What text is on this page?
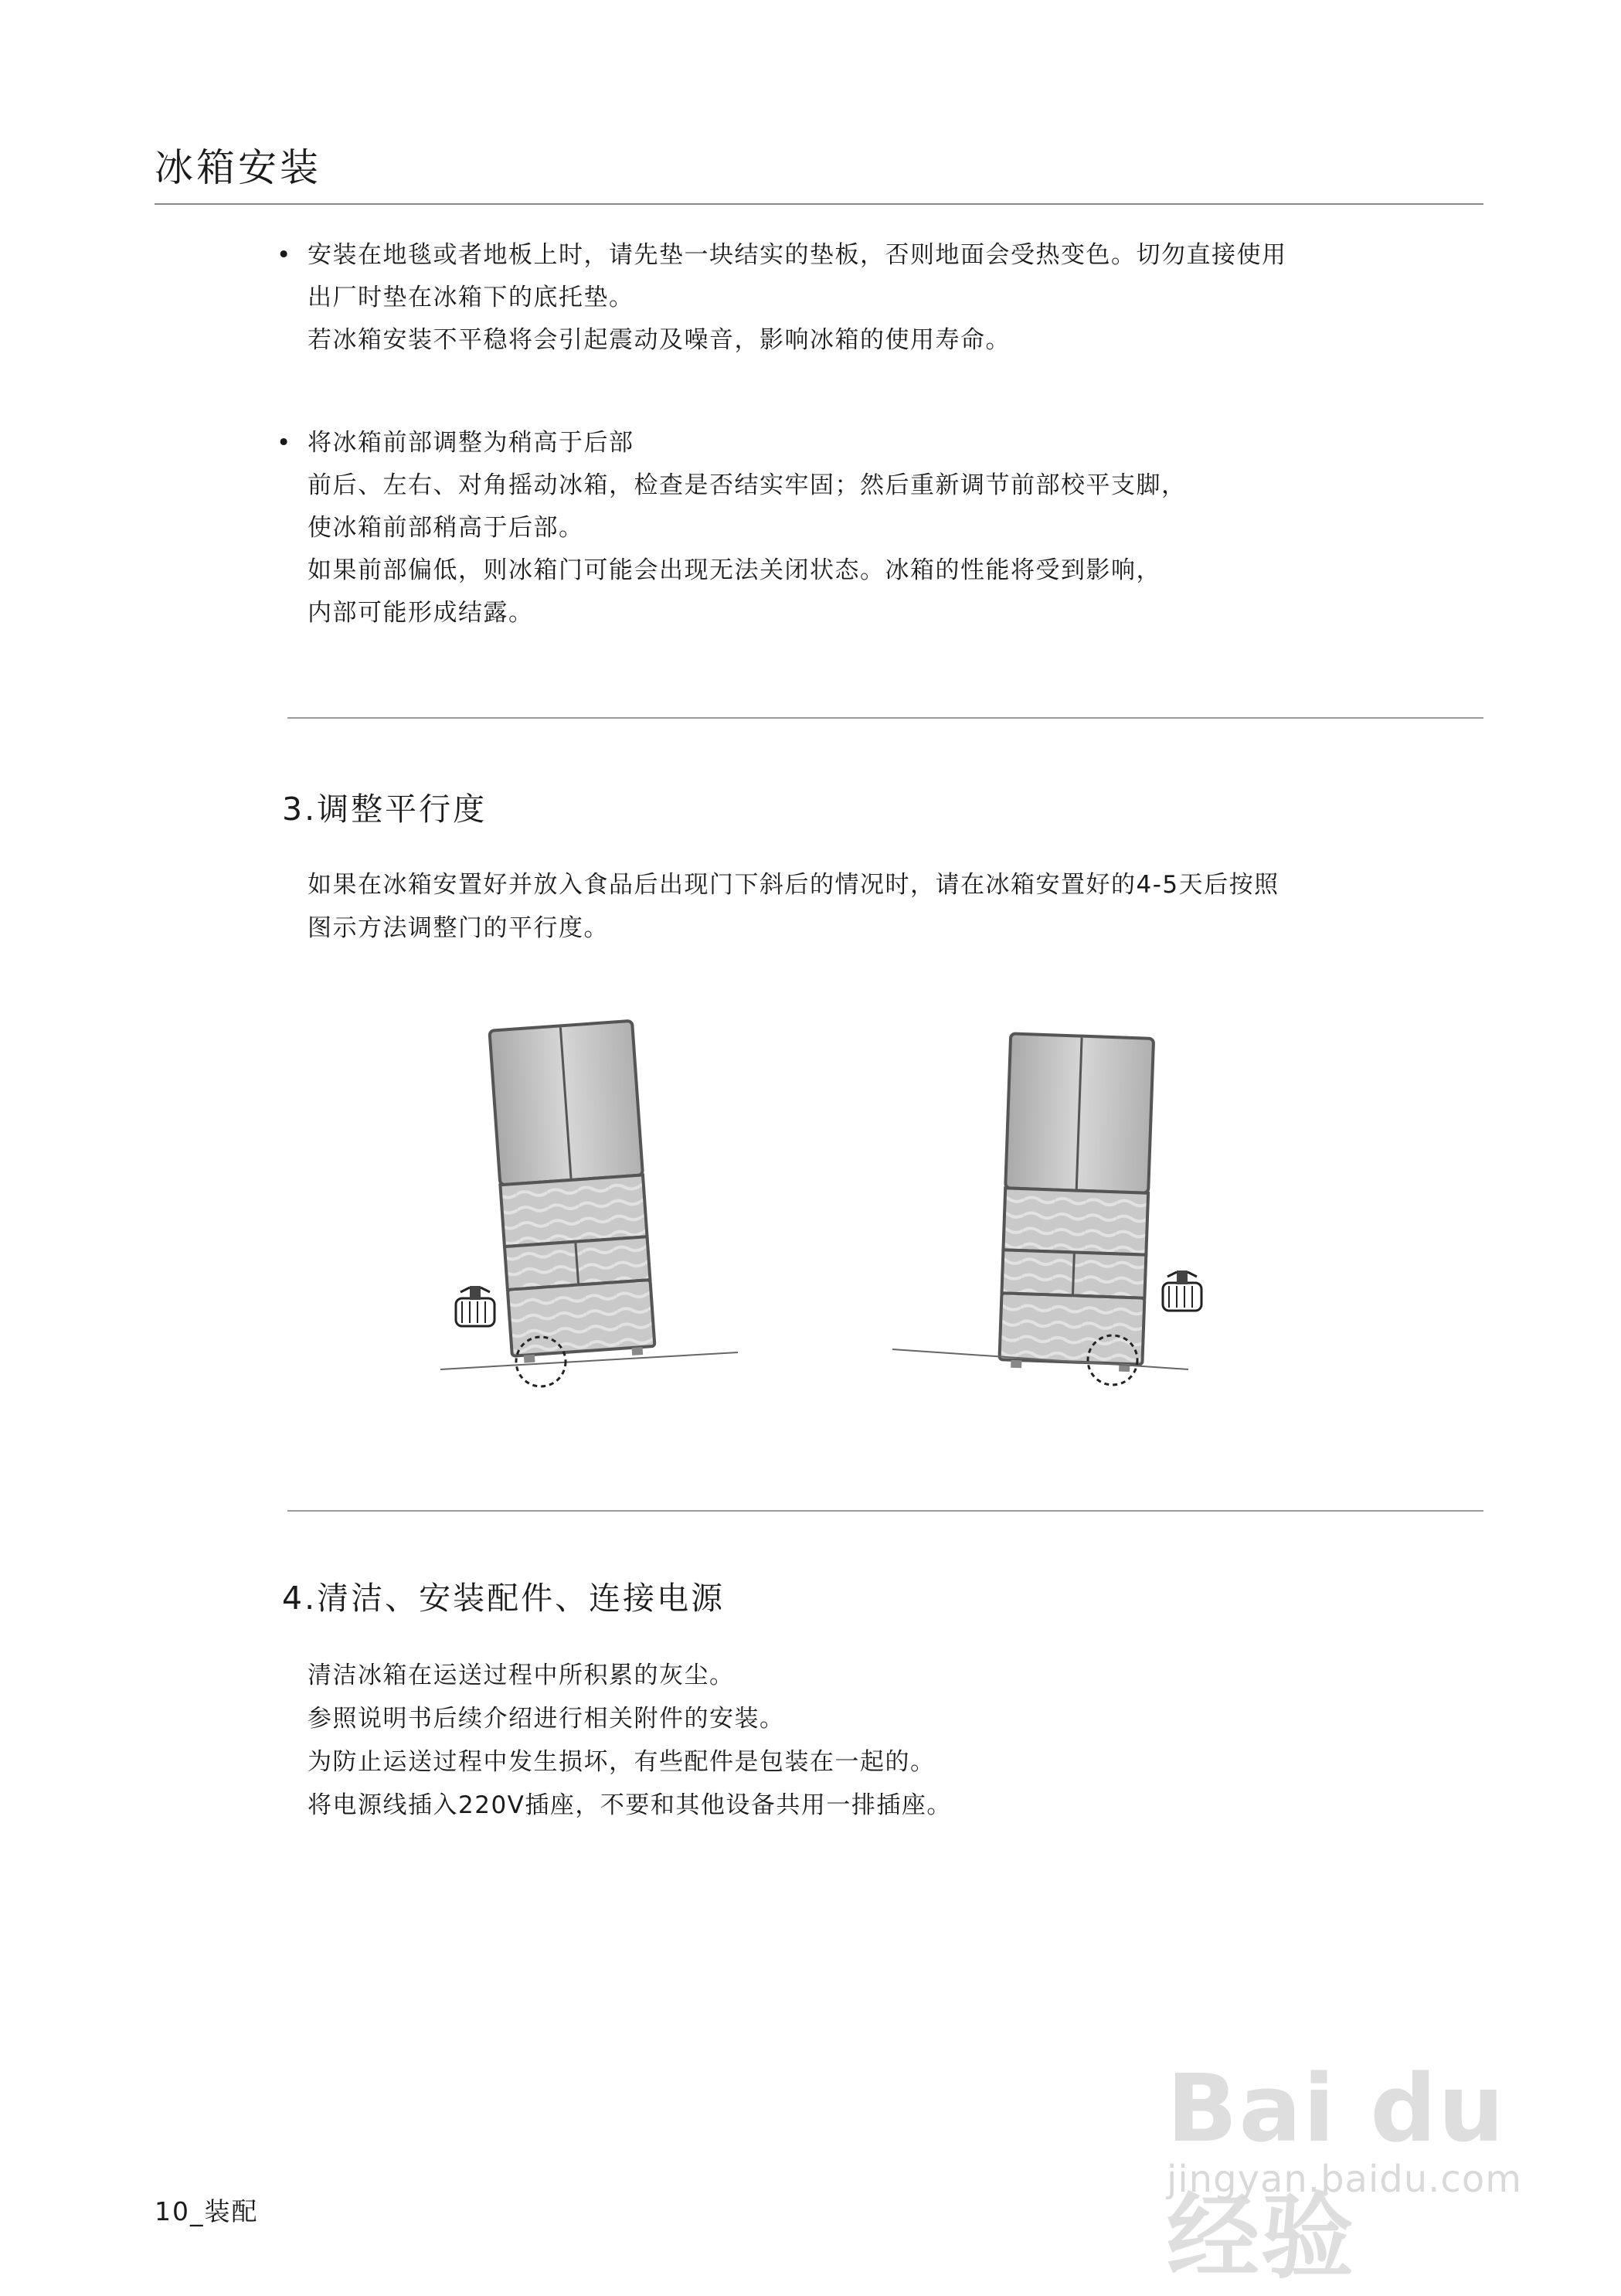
冰箱安装
• 安装在地毯或者地板上时，请先垫一块结实的垫板，否则地面会受热变色。切勿直接使用
出厂时垫在冰箱下的底托垫。
若冰箱安装不平稳将会引起震动及噪音，影响冰箱的使用寿命。
• 将冰箱前部调整为稍高于后部
前后、左右、对角摇动冰箱，检查是否结实牢固；然后重新调节前部校平支脚，
使冰箱前部稍高于后部。
如果前部偏低，则冰箱门可能会出现无法关闭状态。冰箱的性能将受到影响，
内部可能形成结露。
3.调整平行度
如果在冰箱安置好并放入食品后出现门下斜后的情况时，请在冰箱安置好的4-5天后按照
图示方法调整门的平行度。
4.清洁、安装配件、连接电源
清洁冰箱在运送过程中所积累的灰尘。
参照说明书后续介绍进行相关附件的安装。
为防止运送过程中发生损坏，有些配件是包装在一起的。
将电源线插入220V插座，不要和其他设备共用一排插座。
Bai du 经验
jingyan.baidu.com
10_装配
